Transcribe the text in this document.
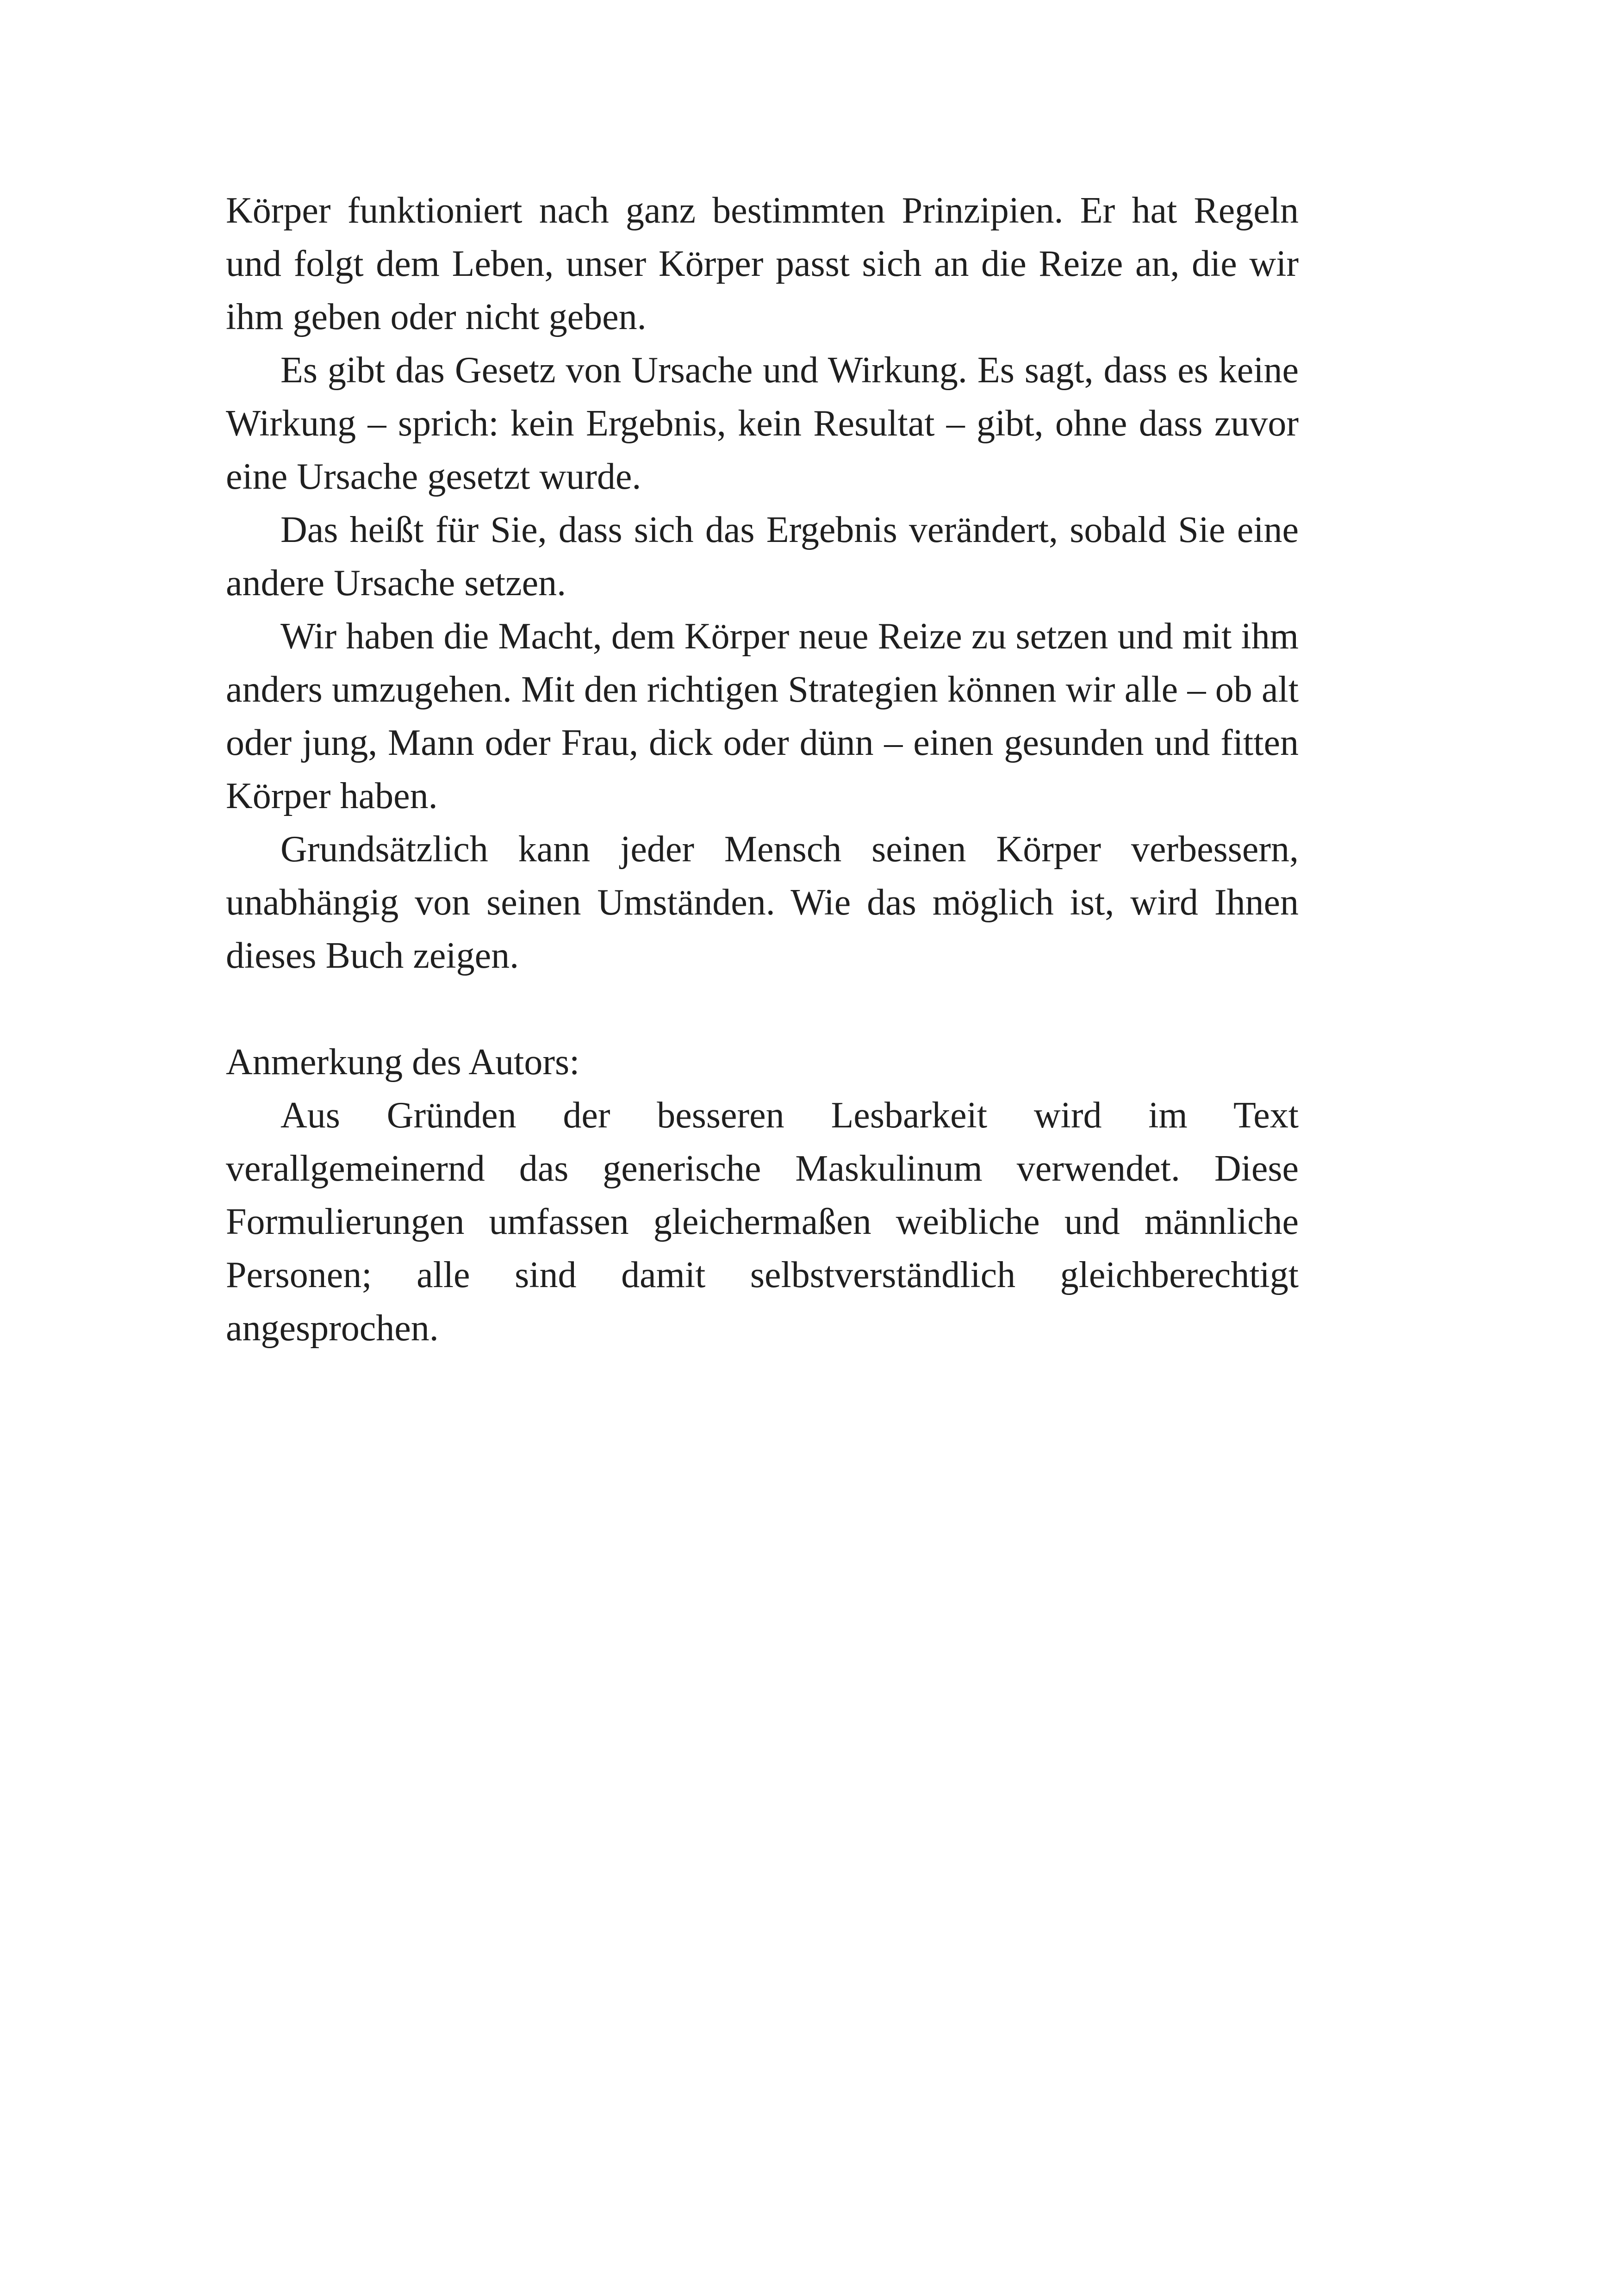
Körper funktioniert nach ganz bestimmten Prinzipien. Er hat Regeln und folgt dem Leben, unser Körper passt sich an die Reize an, die wir ihm geben oder nicht geben.

Es gibt das Gesetz von Ursache und Wirkung. Es sagt, dass es keine Wirkung – sprich: kein Ergebnis, kein Resultat – gibt, ohne dass zuvor eine Ursache gesetzt wurde.

Das heißt für Sie, dass sich das Ergebnis verändert, sobald Sie eine andere Ursache setzen.

Wir haben die Macht, dem Körper neue Reize zu setzen und mit ihm anders umzugehen. Mit den richtigen Strategien können wir alle – ob alt oder jung, Mann oder Frau, dick oder dünn – einen gesunden und fitten Körper haben.

Grundsätzlich kann jeder Mensch seinen Körper verbessern, unabhängig von seinen Umständen. Wie das möglich ist, wird Ihnen dieses Buch zeigen.

Anmerkung des Autors:

Aus Gründen der besseren Lesbarkeit wird im Text verallgemeinernd das generische Maskulinum verwendet. Diese Formulierungen umfassen gleichermaßen weibliche und männliche Personen; alle sind damit selbstverständlich gleichberechtigt angesprochen.
